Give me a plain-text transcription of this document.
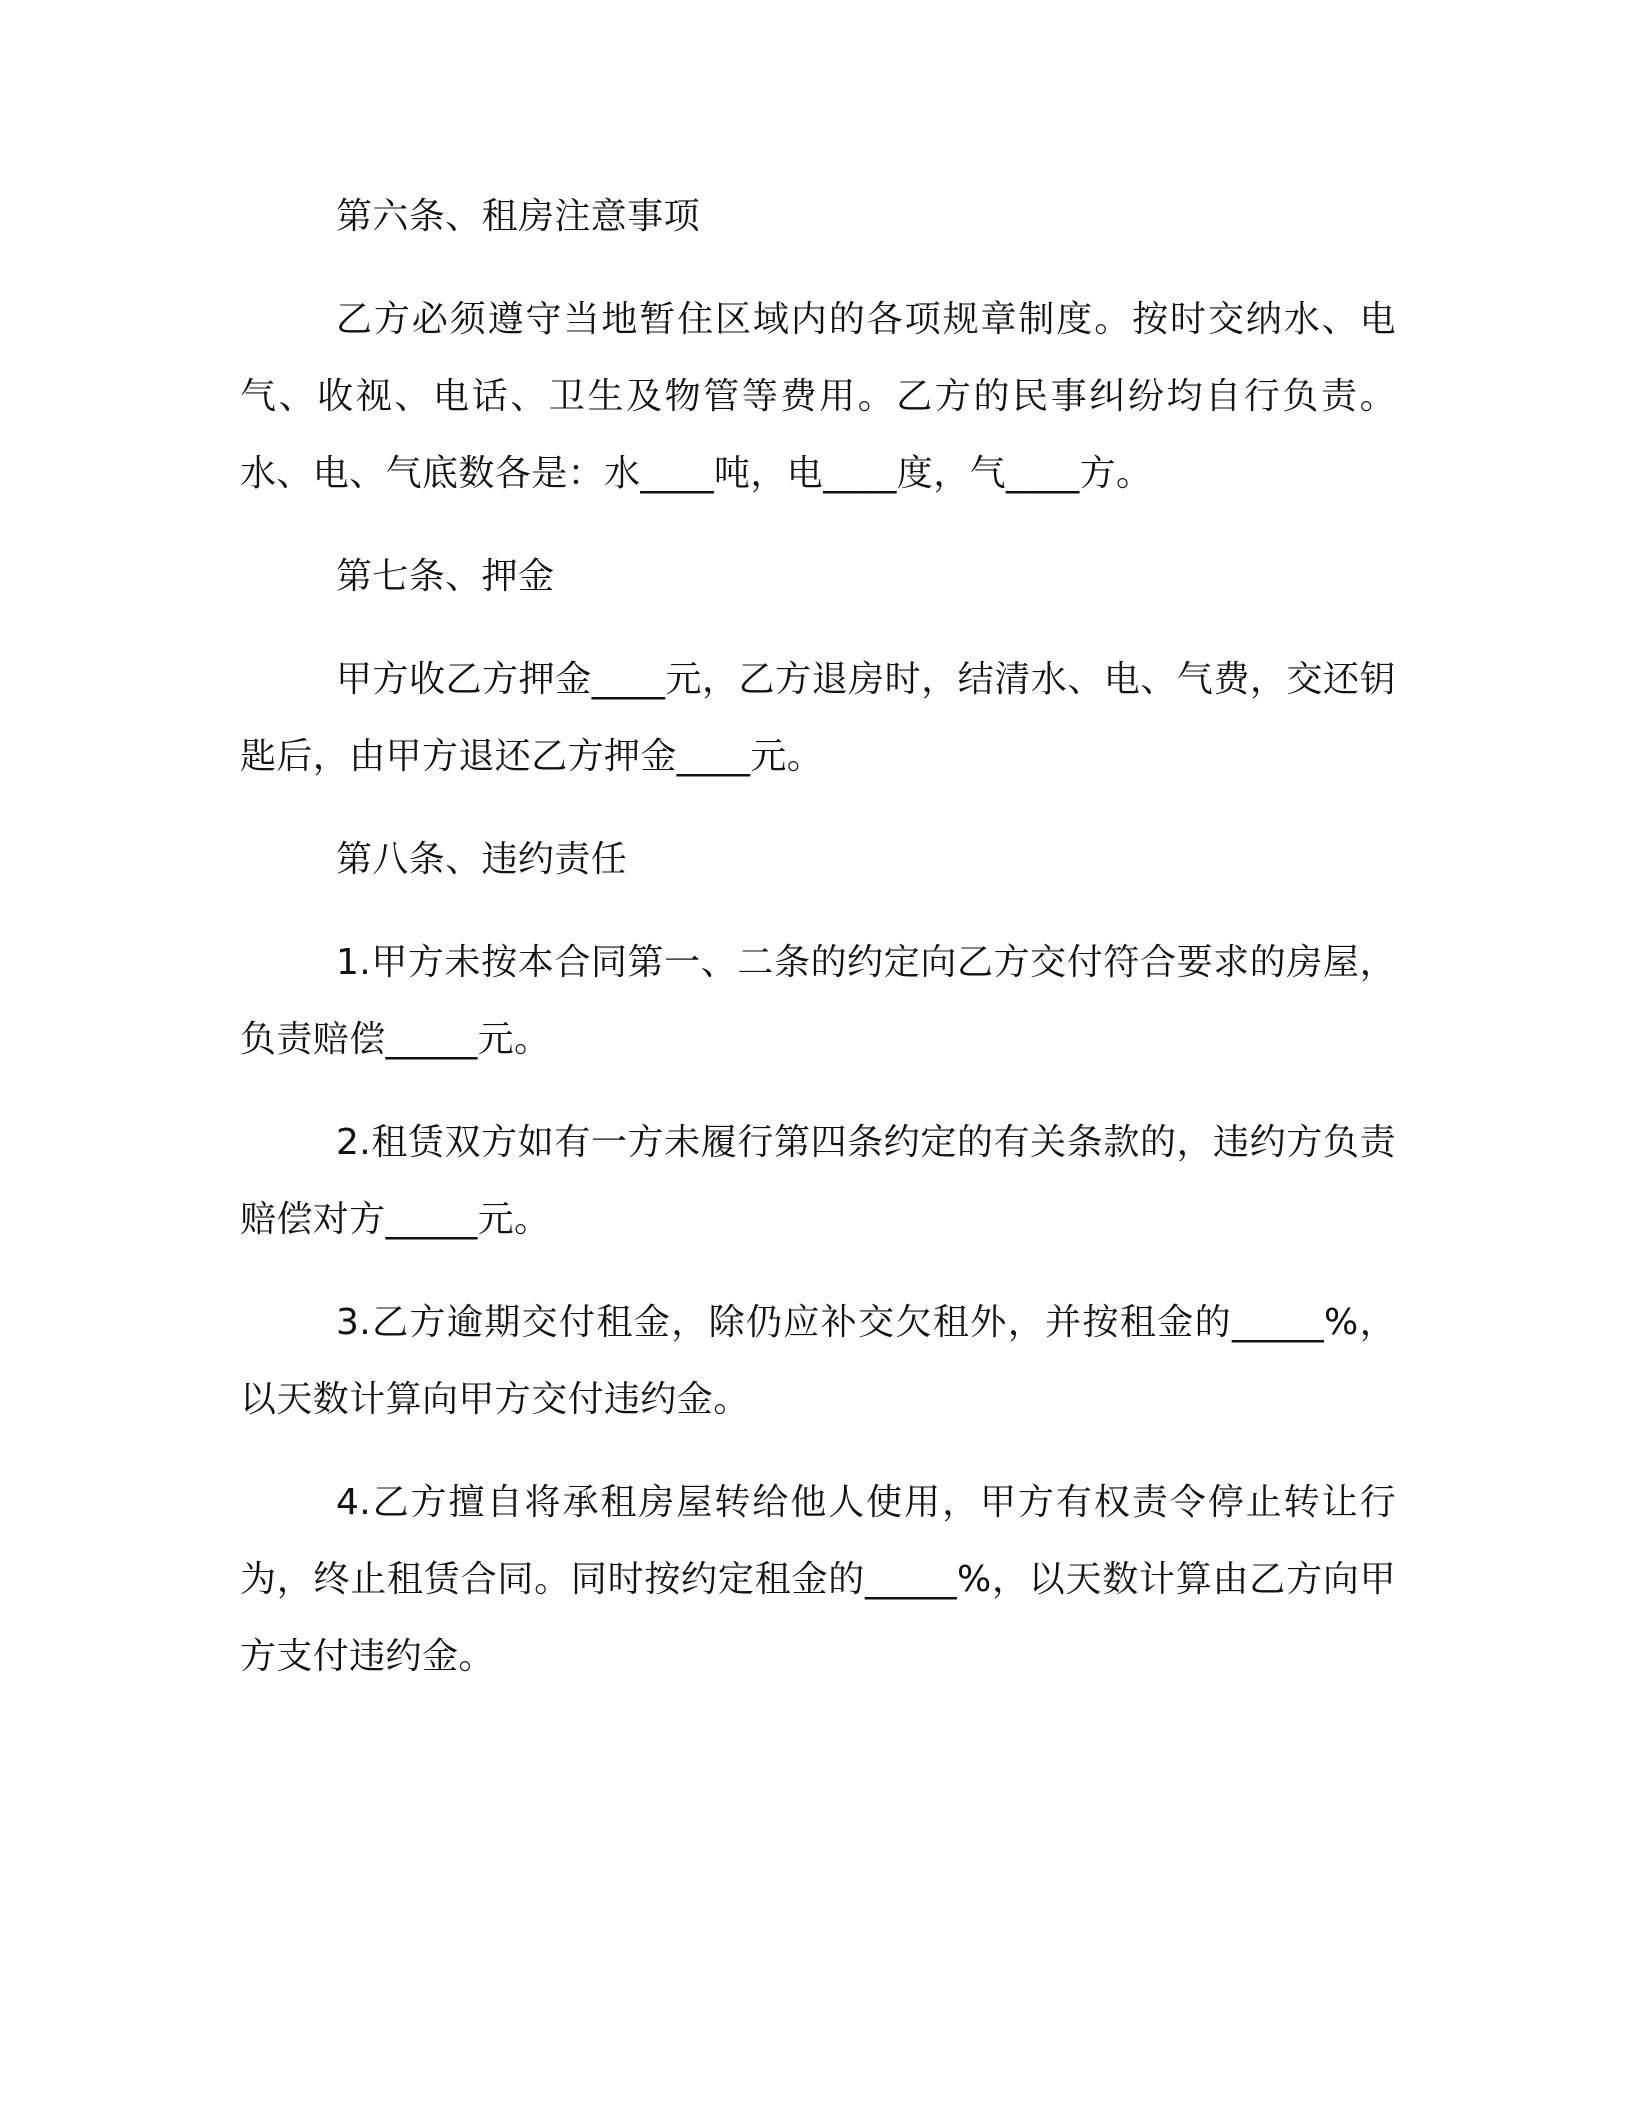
第六条、租房注意事项

乙方必须遵守当地暂住区域内的各项规章制度。按时交纳水、电气、收视、电话、卫生及物管等费用。乙方的民事纠纷均自行负责。水、电、气底数各是：水____吨，电____度，气____方。

第七条、押金

甲方收乙方押金____元，乙方退房时，结清水、电、气费，交还钥匙后，由甲方退还乙方押金____元。

第八条、违约责任

1.甲方未按本合同第一、二条的约定向乙方交付符合要求的房屋，负责赔偿_____元。

2.租赁双方如有一方未履行第四条约定的有关条款的，违约方负责赔偿对方_____元。

3.乙方逾期交付租金，除仍应补交欠租外，并按租金的_____%，以天数计算向甲方交付违约金。

4.乙方擅自将承租房屋转给他人使用，甲方有权责令停止转让行为，终止租赁合同。同时按约定租金的_____%，以天数计算由乙方向甲方支付违约金。
